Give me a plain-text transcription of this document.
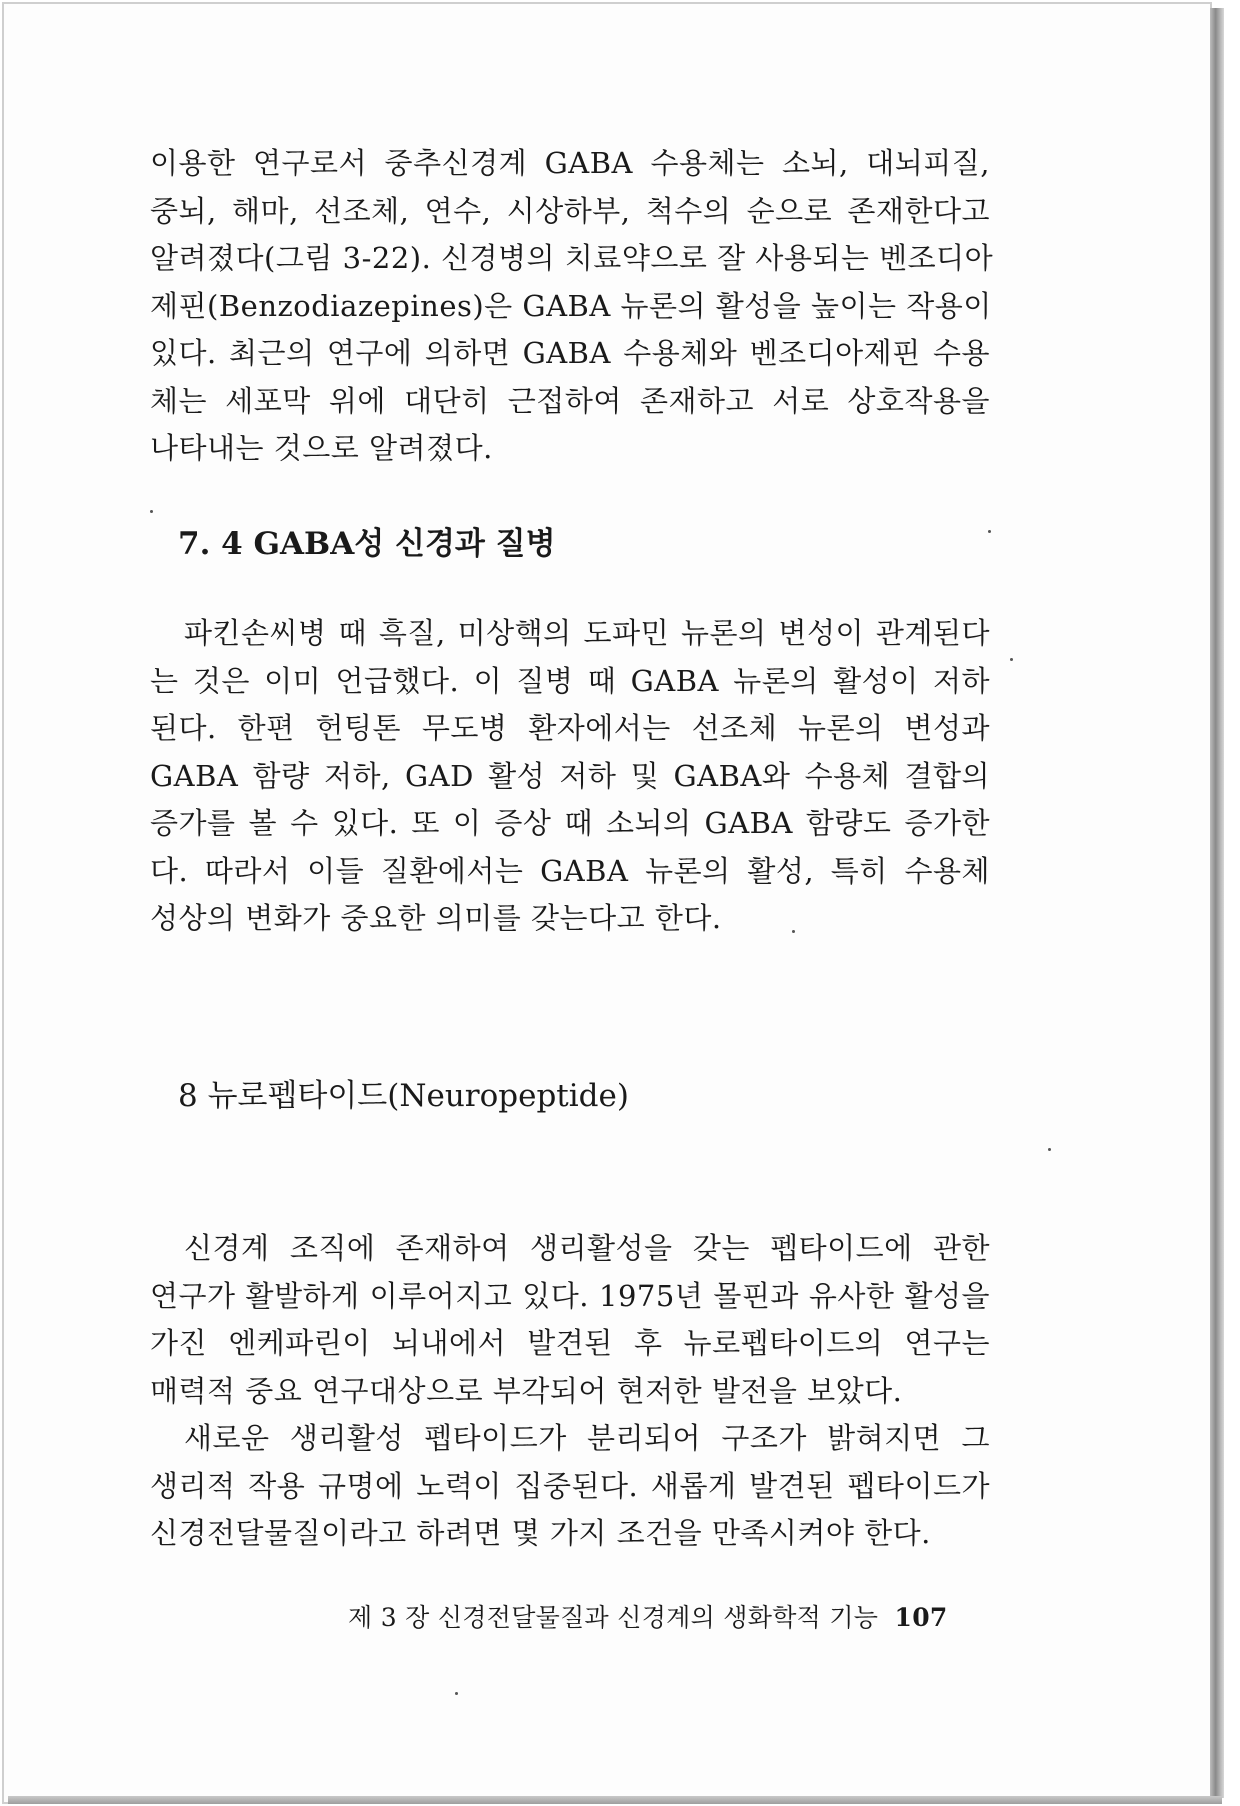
이용한 연구로서 중추신경계 GABA 수용체는 소뇌, 대뇌피질,
중뇌, 해마, 선조체, 연수, 시상하부, 척수의 순으로 존재한다고
알려졌다(그림 3-22). 신경병의 치료약으로 잘 사용되는 벤조디아
제핀(Benzodiazepines)은 GABA 뉴론의 활성을 높이는 작용이
있다. 최근의 연구에 의하면 GABA 수용체와 벤조디아제핀 수용
체는 세포막 위에 대단히 근접하여 존재하고 서로 상호작용을
나타내는 것으로 알려졌다.
7. 4 GABA성 신경과 질병
파킨손씨병 때 흑질, 미상핵의 도파민 뉴론의 변성이 관계된다
는 것은 이미 언급했다. 이 질병 때 GABA 뉴론의 활성이 저하
된다. 한편 헌팅톤 무도병 환자에서는 선조체 뉴론의 변성과
GABA 함량 저하, GAD 활성 저하 및 GABA와 수용체 결합의
증가를 볼 수 있다. 또 이 증상 때 소뇌의 GABA 함량도 증가한
다. 따라서 이들 질환에서는 GABA 뉴론의 활성, 특히 수용체
성상의 변화가 중요한 의미를 갖는다고 한다.
8 뉴로펩타이드(Neuropeptide)
신경계 조직에 존재하여 생리활성을 갖는 펩타이드에 관한
연구가 활발하게 이루어지고 있다. 1975년 몰핀과 유사한 활성을
가진 엔케파린이 뇌내에서 발견된 후 뉴로펩타이드의 연구는
매력적 중요 연구대상으로 부각되어 현저한 발전을 보았다.
새로운 생리활성 펩타이드가 분리되어 구조가 밝혀지면 그
생리적 작용 규명에 노력이 집중된다. 새롭게 발견된 펩타이드가
신경전달물질이라고 하려면 몇 가지 조건을 만족시켜야 한다.
제 3 장 신경전달물질과 신경계의 생화학적 기능 107
